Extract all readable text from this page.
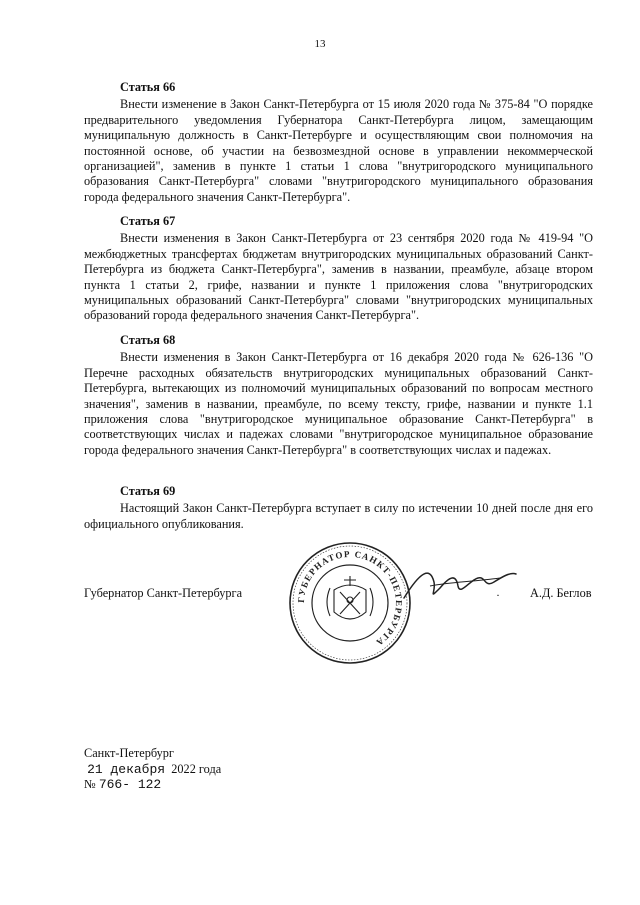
13
Статья 66

Внести изменение в Закон Санкт-Петербурга от 15 июля 2020 года № 375-84 "О порядке предварительного уведомления Губернатора Санкт-Петербурга лицом, замещающим муниципальную должность в Санкт-Петербурге и осуществляющим свои полномочия на постоянной основе, об участии на безвозмездной основе в управлении некоммерческой организацией", заменив в пункте 1 статьи 1 слова "внутригородского муниципального образования Санкт-Петербурга" словами "внутригородского муниципального образования города федерального значения Санкт-Петербурга".

Статья 67

Внести изменения в Закон Санкт-Петербурга от 23 сентября 2020 года № 419-94 "О межбюджетных трансфертах бюджетам внутригородских муниципальных образований Санкт-Петербурга из бюджета Санкт-Петербурга", заменив в названии, преамбуле, абзаце втором пункта 1 статьи 2, грифе, названии и пункте 1 приложения слова "внутригородских муниципальных образований Санкт-Петербурга" словами "внутригородских муниципальных образований города федерального значения Санкт-Петербурга".

Статья 68

Внести изменения в Закон Санкт-Петербурга от 16 декабря 2020 года № 626-136 "О Перечне расходных обязательств внутригородских муниципальных образований Санкт-Петербурга, вытекающих из полномочий муниципальных образований по вопросам местного значения", заменив в названии, преамбуле, по всему тексту, грифе, названии и пункте 1.1 приложения слова "внутригородское муниципальное образование Санкт-Петербурга" в соответствующих числах и падежах словами "внутригородское муниципальное образование города федерального значения Санкт-Петербурга" в соответствующих числах и падежах.

Статья 69

Настоящий Закон Санкт-Петербурга вступает в силу по истечении 10 дней после дня его официального опубликования.

Губернатор Санкт-Петербурга	ГУБЕРНАТОР САНКТ-ПЕТЕРБУРГА
· А.Д. Беглов
Санкт-Петербург
21 декабря 2022 года
№ 766- 122
